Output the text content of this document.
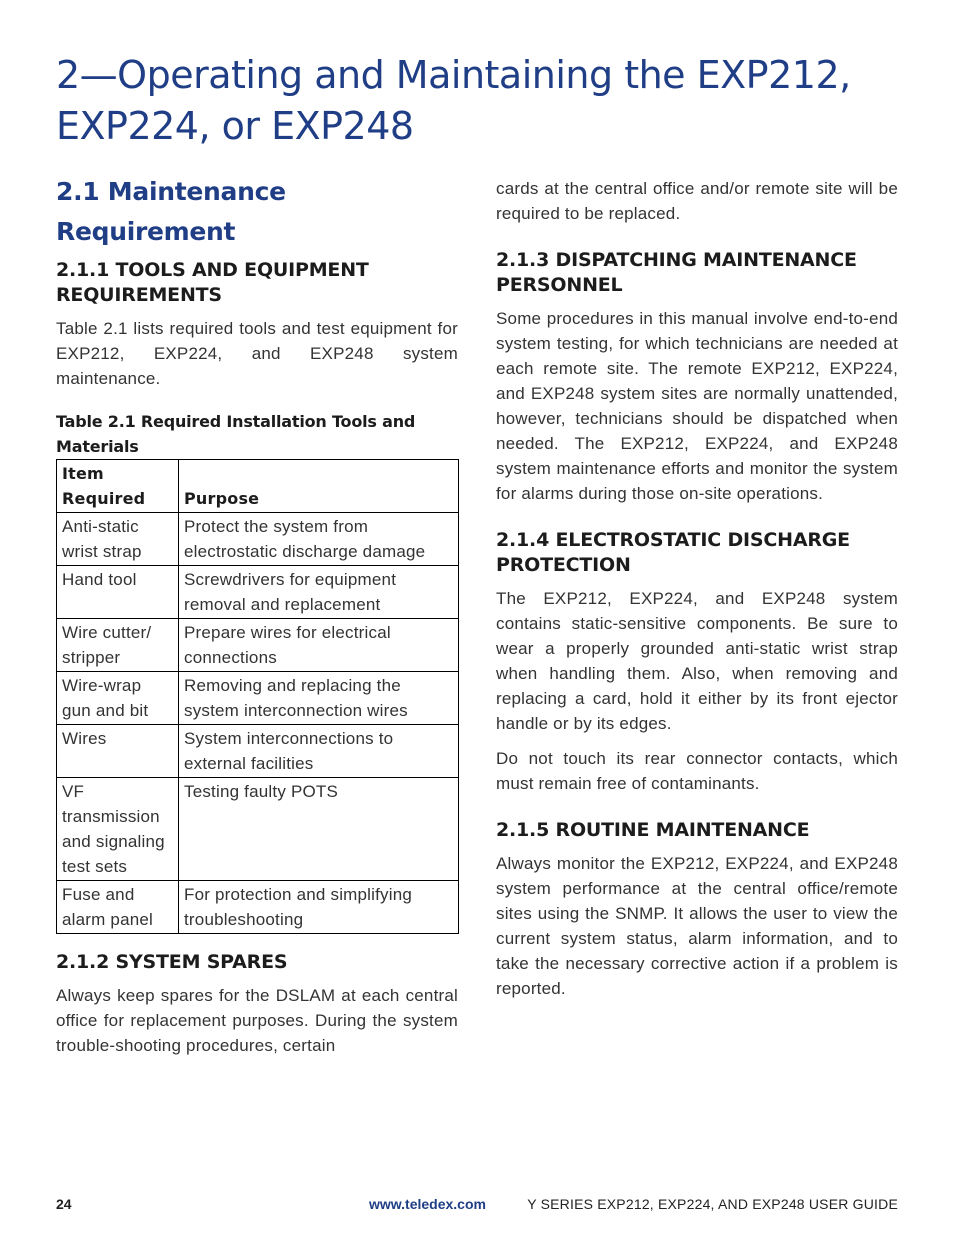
2—Operating and Maintaining the EXP212, EXP224, or EXP248
2.1 Maintenance Requirement
2.1.1 TOOLS AND EQUIPMENT REQUIREMENTS

Table 2.1 lists required tools and test equipment for EXP212, EXP224, and EXP248 system maintenance.

Table 2.1 Required Installation Tools and Materials
Item Required	Purpose
Anti-static wrist strap	Protect the system from electrostatic discharge damage
Hand tool	Screwdrivers for equipment removal and replacement
Wire cutter/ stripper	Prepare wires for electrical connections
Wire-wrap gun and bit	Removing and replacing the system interconnection wires
Wires	System interconnections to external facilities
VF transmission and signaling test sets	Testing faulty POTS
Fuse and alarm panel	For protection and simplifying troubleshooting
2.1.2 SYSTEM SPARES

Always keep spares for the DSLAM at each central office for replacement purposes. During the system trouble-shooting procedures, certain

cards at the central office and/or remote site will be required to be replaced.

2.1.3 DISPATCHING MAINTENANCE PERSONNEL

Some procedures in this manual involve end-to-end system testing, for which technicians are needed at each remote site. The remote EXP212, EXP224, and EXP248 system sites are normally unattended, however, technicians should be dispatched when needed. The EXP212, EXP224, and EXP248 system maintenance efforts and monitor the system for alarms during those on-site operations.

2.1.4 ELECTROSTATIC DISCHARGE PROTECTION

The EXP212, EXP224, and EXP248 system contains static-sensitive components. Be sure to wear a properly grounded anti-static wrist strap when handling them. Also, when removing and replacing a card, hold it either by its front ejector handle or by its edges.

Do not touch its rear connector contacts, which must remain free of contaminants.

2.1.5 ROUTINE MAINTENANCE

Always monitor the EXP212, EXP224, and EXP248 system performance at the central office/remote sites using the SNMP. It allows the user to view the current system status, alarm information, and to take the necessary corrective action if a problem is reported.

24	www.teledex.com	Y SERIES EXP212, EXP224, AND EXP248 USER GUIDE
